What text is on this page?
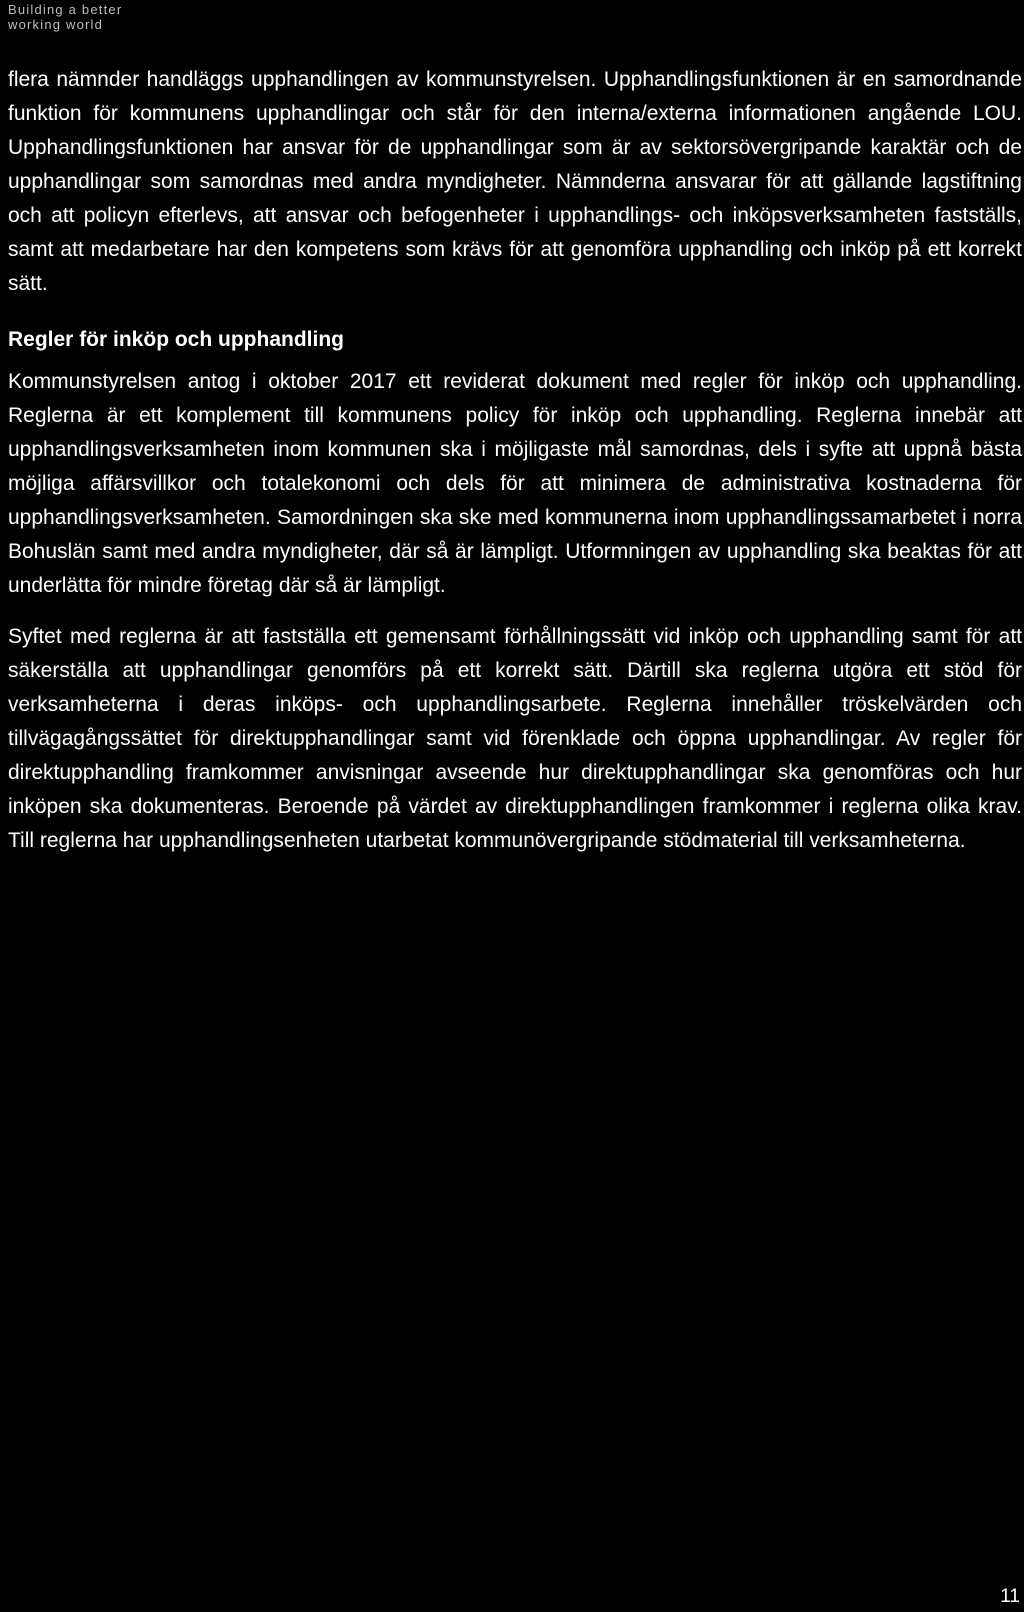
Building a better
working world

flera nämnder handläggs upphandlingen av kommunstyrelsen. Upphandlingsfunktionen är en samordnande funktion för kommunens upphandlingar och står för den interna/externa informationen angående LOU. Upphandlingsfunktionen har ansvar för de upphandlingar som är av sektorsövergripande karaktär och de upphandlingar som samordnas med andra myndigheter. Nämnderna ansvarar för att gällande lagstiftning och att policyn efterlevs, att ansvar och befogenheter i upphandlings- och inköpsverksamheten fastställs, samt att medarbetare har den kompetens som krävs för att genomföra upphandling och inköp på ett korrekt sätt.

Regler för inköp och upphandling

Kommunstyrelsen antog i oktober 2017 ett reviderat dokument med regler för inköp och upphandling. Reglerna är ett komplement till kommunens policy för inköp och upphandling. Reglerna innebär att upphandlingsverksamheten inom kommunen ska i möjligaste mål samordnas, dels i syfte att uppnå bästa möjliga affärsvillkor och totalekonomi och dels för att minimera de administrativa kostnaderna för upphandlingsverksamheten. Samordningen ska ske med kommunerna inom upphandlingssamarbetet i norra Bohuslän samt med andra myndigheter, där så är lämpligt. Utformningen av upphandling ska beaktas för att underlätta för mindre företag där så är lämpligt.

Syftet med reglerna är att fastställa ett gemensamt förhållningssätt vid inköp och upphandling samt för att säkerställa att upphandlingar genomförs på ett korrekt sätt. Därtill ska reglerna utgöra ett stöd för verksamheterna i deras inköps- och upphandlingsarbete. Reglerna innehåller tröskelvärden och tillvägagångssättet för direktupphandlingar samt vid förenklade och öppna upphandlingar. Av regler för direktupphandling framkommer anvisningar avseende hur direktupphandlingar ska genomföras och hur inköpen ska dokumenteras. Beroende på värdet av direktupphandlingen framkommer i reglerna olika krav. Till reglerna har upphandlingsenheten utarbetat kommunövergripande stödmaterial till verksamheterna.

11
